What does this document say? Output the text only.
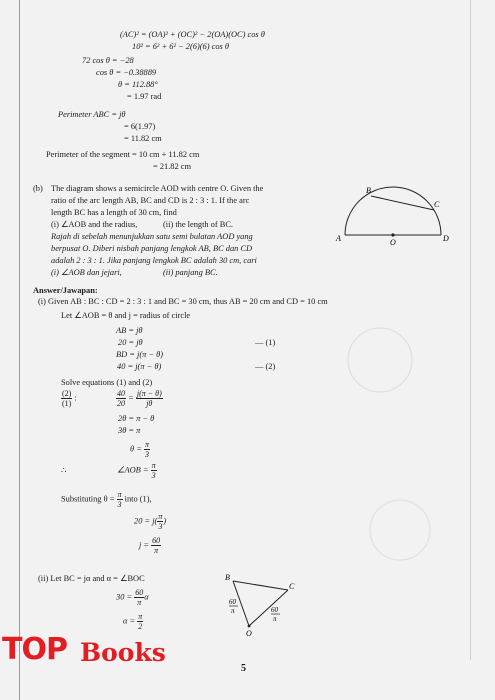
(AC)² = (OA)² + (OC)² − 2(OA)(OC) cos θ
10² = 6² + 6² − 2(6)(6) cos θ
72 cos θ = −28
cos θ = −0.38889
θ = 112.88°
= 1.97 rad
Perimeter ABC = jθ
= 6(1.97)
= 11.82 cm
Perimeter of the segment = 10 cm + 11.82 cm
= 21.82 cm
(b) The diagram shows a semicircle AOD with centre O. Given the
ratio of the arc length AB, BC and CD is 2 : 3 : 1. If the arc
length BC has a length of 30 cm, find
(i) ∠AOB and the radius,	(ii) the length of BC.
Rajah di sebelah menunjukkan satu semi bulatan AOD yang
berpusat O. Diberi nisbah panjang lengkok AB, BC dan CD
adalah 2 : 3 : 1. Jika panjang lengkok BC adalah 30 cm, cari
(i) ∠AOB dan jejari,	(ii) panjang BC.
A
B
C
D
O
Answer/Jawapan:
(i) Given AB : BC : CD = 2 : 3 : 1 and BC = 30 cm, thus AB = 20 cm and CD = 10 cm
Let ∠AOB = θ and j = radius of circle
AB = jθ
20 = jθ	— (1)
BD = j(π − θ)
40 = j(π − θ)	— (2)
Solve equations (1) and (2)
$\frac{(2)}{(1)}$ :	$\frac{40}{20} = \frac{j(\pi - \theta)}{j\theta}$
2θ = π − θ
3θ = π
$\theta = \frac{\pi}{3}$
∴	∠AOB = $\frac{\pi}{3}$
Substituting $\theta = \frac{\pi}{3}$ into (1),
$20 = j( \frac{\pi}{3}$ )
$j = \frac{60}{\pi}$
(ii) Let BC = jα and α = ∠BOC
$30 = \frac{60}{\pi}$ α
$\alpha = \frac{\pi}{2}$
B
C
O
60
π	60
π
TOP Books
5
